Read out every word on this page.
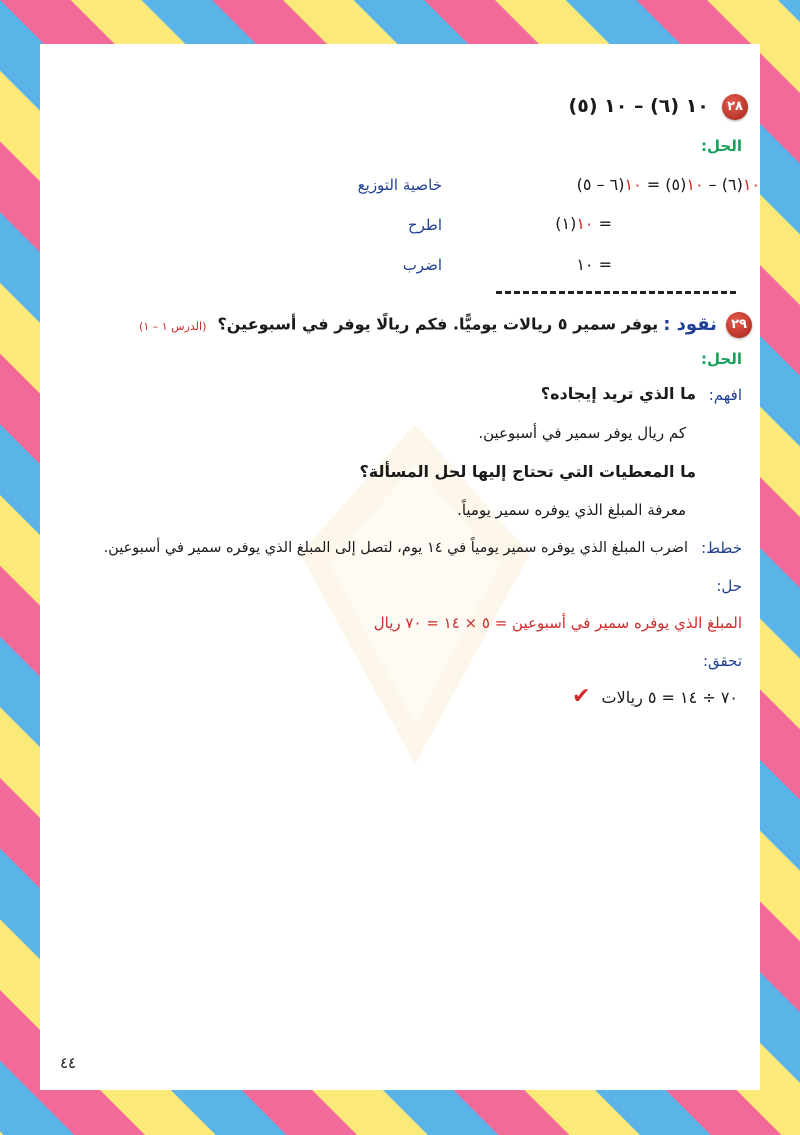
٢٨ ١٠ (٦) – ١٠ (٥)
الحل:
١٠(٦) – ١٠(٥) = ١٠(٦ – ٥)
خاصية التوزيع
= ١٠(١)
اطرح
= ١٠
اضرب
٢٩ نقود : يوفر سمير ٥ ريالات يوميًّا. فكم ريالًا يوفر في أسبوعين؟ (الدرس ١ – ١)
الحل:
افهم:
ما الذي تريد إيجاده؟
كم ريال يوفر سمير في أسبوعين.
ما المعطيات التي تحتاج إليها لحل المسألة؟
معرفة المبلغ الذي يوفره سمير يومياً.
خطط:
اضرب المبلغ الذي يوفره سمير يومياً في ١٤ يوم، لتصل إلى المبلغ الذي يوفره سمير في أسبوعين.
حل:
المبلغ الذي يوفره سمير في أسبوعين = ٥ × ١٤ = ٧٠ ريال
تحقق:
٧٠ ÷ ١٤ = ٥ ريالات ✔
٤٤
